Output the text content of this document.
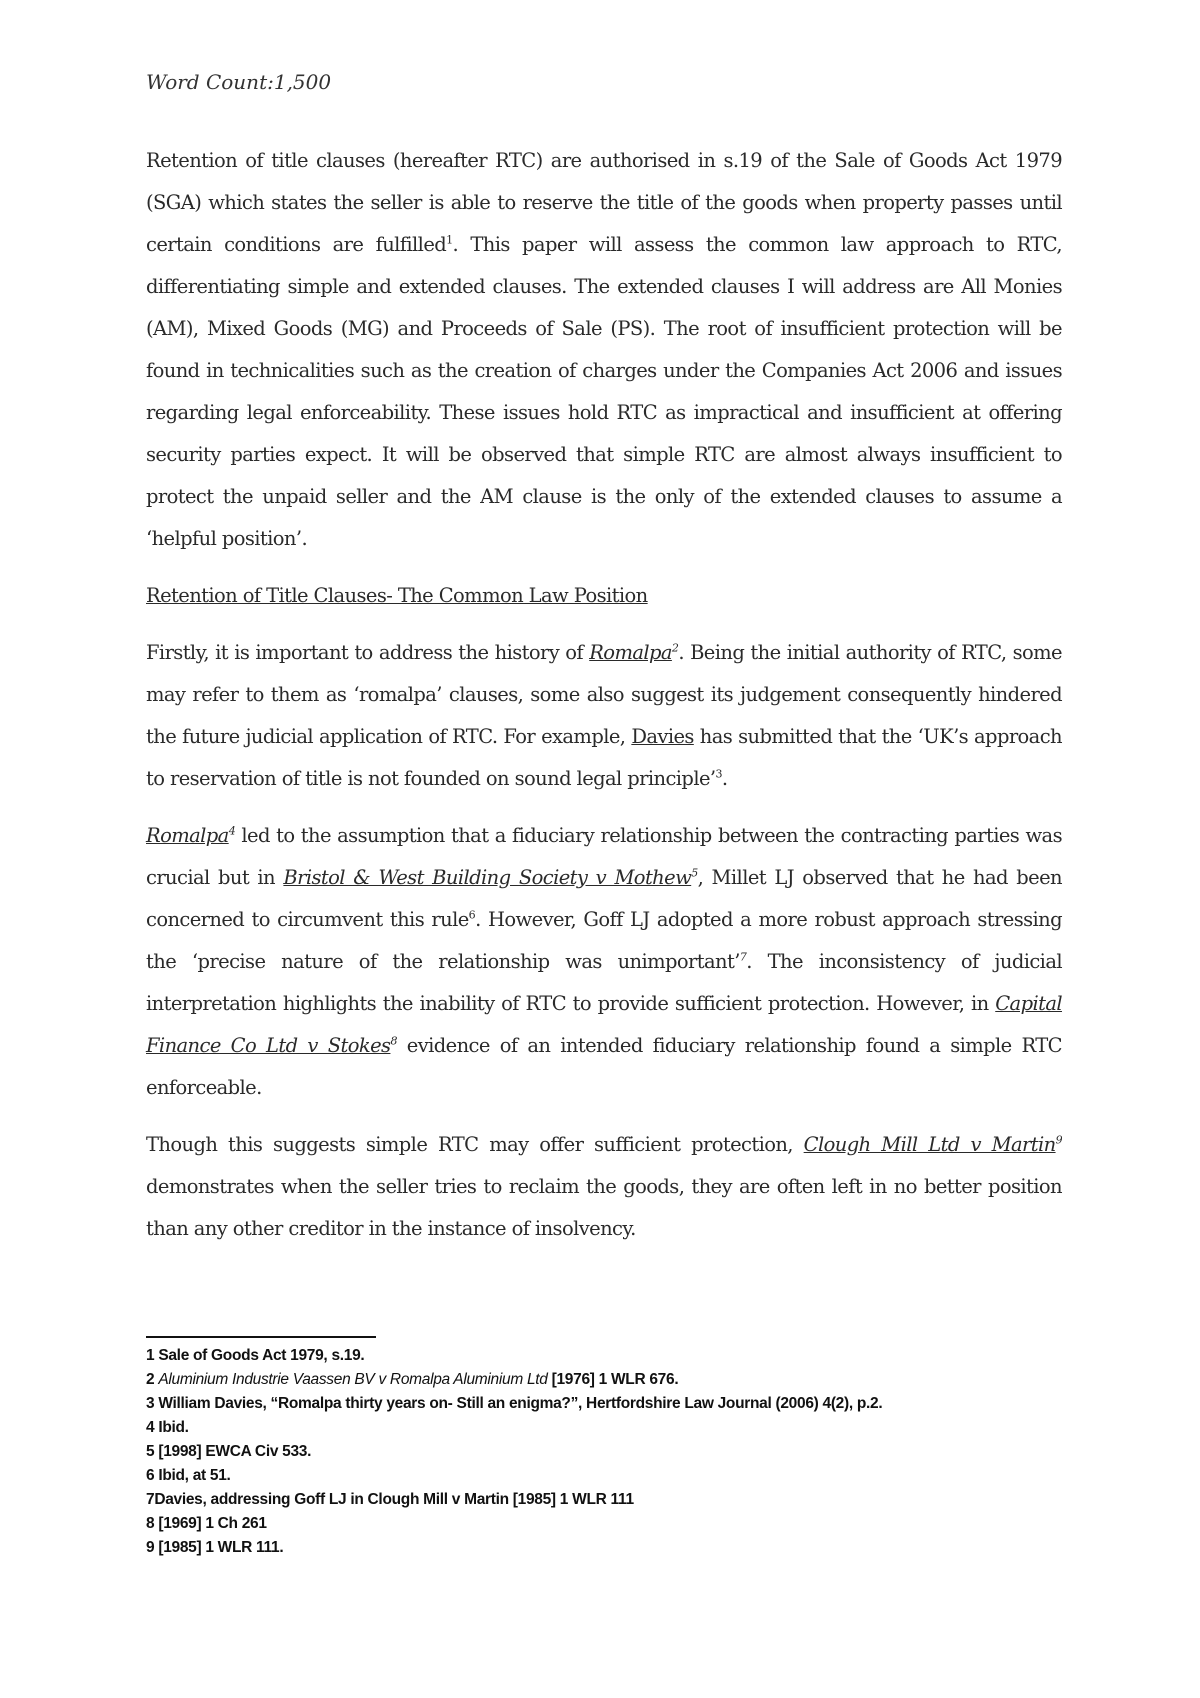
Word Count:1,500

Retention of title clauses (hereafter RTC) are authorised in s.19 of the Sale of Goods Act 1979 (SGA) which states the seller is able to reserve the title of the goods when property passes until certain conditions are fulfilled$^1$. This paper will assess the common law approach to RTC, differentiating simple and extended clauses. The extended clauses I will address are All Monies (AM), Mixed Goods (MG) and Proceeds of Sale (PS). The root of insufficient protection will be found in technicalities such as the creation of charges under the Companies Act 2006 and issues regarding legal enforceability. These issues hold RTC as impractical and insufficient at offering security parties expect. It will be observed that simple RTC are almost always insufficient to protect the unpaid seller and the AM clause is the only of the extended clauses to assume a ‘helpful position’.

Retention of Title Clauses- The Common Law Position

Firstly, it is important to address the history of Romalpa$^2$. Being the initial authority of RTC, some may refer to them as ‘romalpa’ clauses, some also suggest its judgement consequently hindered the future judicial application of RTC. For example, Davies has submitted that the ‘UK’s approach to reservation of title is not founded on sound legal principle’$^3$.

Romalpa$^4$ led to the assumption that a fiduciary relationship between the contracting parties was crucial but in Bristol & West Building Society v Mothew$^5$, Millet LJ observed that he had been concerned to circumvent this rule$^6$. However, Goff LJ adopted a more robust approach stressing the ‘precise nature of the relationship was unimportant’$^7$. The inconsistency of judicial interpretation highlights the inability of RTC to provide sufficient protection. However, in Capital Finance Co Ltd v Stokes$^8$ evidence of an intended fiduciary relationship found a simple RTC enforceable.

Though this suggests simple RTC may offer sufficient protection, Clough Mill Ltd v Martin$^9$ demonstrates when the seller tries to reclaim the goods, they are often left in no better position than any other creditor in the instance of insolvency.

1 Sale of Goods Act 1979, s.19.

2 Aluminium Industrie Vaassen BV v Romalpa Aluminium Ltd [1976] 1 WLR 676.

3 William Davies, “Romalpa thirty years on- Still an enigma?”, Hertfordshire Law Journal (2006) 4(2), p.2.

4 Ibid.

5 [1998] EWCA Civ 533.

6 Ibid, at 51.

7Davies, addressing Goff LJ in Clough Mill v Martin [1985] 1 WLR 111

8 [1969] 1 Ch 261

9 [1985] 1 WLR 111.
